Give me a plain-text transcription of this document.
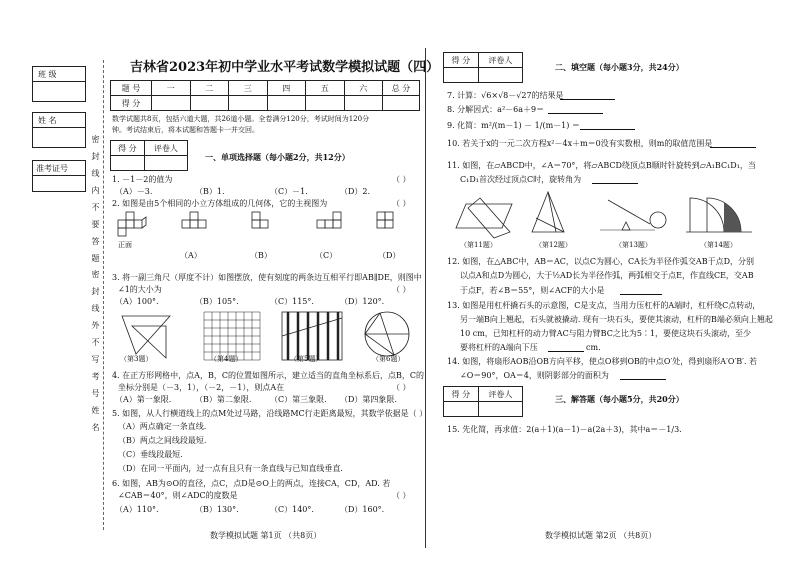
班 级
姓 名
准考证号	密封线内不要答题
密封线外不写考号姓名
吉林省2023年初中学业水平考试数学模拟试题（四）
题 号	一	二	三	四	五	六	总 分
得 分							
数学试题共8页，包括六道大题，共26道小题。全卷满分120分，考试时间为120分
钟。考试结束后，将本试题和答题卡一并交回。
得 分	评卷人

一、单项选择题（每小题2分，共12分）
1. －1－2的值为	（ ）
（A）－3.	（B）1.	（C）－1.	（D）2.
2. 如图是由5个相同的小立方体组成的几何体，它的主视图为	（ ）
正面
（A）	（B）	（C）	（D）
3. 将一副三角尺（厚度不计）如图摆放，使有刻度的两条边互相平行即AB∥DE，则图中
∠1的大小为	（ ）
（A）100°.	（B）105°.	（C）115°.	（D）120°.
（第3题）	（第4题）	（第5题）	（第6题）
4. 在正方形网格中，点A，B，C的位置如图所示，建立适当的直角坐标系后，点B，C的
坐标分别是（－3，1），（－2，－1），则点A在	（ ）
（A）第一象限.	（B）第二象限. （C）第三象限. （D）第四象限.
5. 如图，从人行横道线上的点M处过马路，沿线路MC行走距离最短，其数学依据是（ ）
（A）两点确定一条直线.
（B）两点之间线段最短.
（C）垂线段最短.
（D）在同一平面内，过一点有且只有一条直线与已知直线垂直.
6. 如图，AB为⊙O的直径，点C，点D是⊙O上的两点，连接CA，CD，AD. 若
∠CAB＝40°，则∠ADC的度数是	（ ）
（A）110°.	（B）130°.	（C）140°.	（D）160°.
数学模拟试题 第1页 （共8页）
得 分	评卷人

二、填空题（每小题3分，共24分）
7. 计算：√6×√8－√27的结果是
8. 分解因式：a²－6a＋9＝
9. 化简：m²/(m－1) － 1/(m－1) ＝
10. 若关于x的一元二次方程x²－4x＋m＝0没有实数根，则m的取值范围是
11. 如图，在▱ABCD中，∠A＝70°，将▱ABCD绕顶点B顺时针旋转到▱A₁BC₁D₁，当
C₁D₁首次经过顶点C时，旋转角为
（第11题）	（第12题）	（第13题）	（第14题）
12. 如图，在△ABC中，AB＝AC，以点C为圆心，CA长为半径作弧交AB于点D，分别
以点A和点D为圆心，大于½AD长为半径作弧，两弧相交于点E，作直线CE，交AB
于点F，若∠B＝55°，则∠ACF的大小是
13. 如图是用杠杆撬石头的示意图，C是支点，当用力压杠杆的A端时，杠杆绕C点转动，
另一端B向上翘起，石头就被撬动. 现有一块石头，要使其滚动，杠杆的B端必须向上翘起
10 cm，已知杠杆的动力臂AC与阻力臂BC之比为5∶1，要使这块石头滚动，至少
要将杠杆的A端向下压	cm.
14. 如图，将扇形AOB沿OB方向平移，使点O移到OB的中点O′处，得到扇形A′O′B′. 若
∠O＝90°，OA＝4，则阴影部分的面积为
得 分	评卷人
		三、解答题（每小题5分，共20分）
15. 先化简，再求值：2(a＋1)(a－1)－a(2a＋3)，其中a＝－1/3.
数学模拟试题 第2页 （共8页）
